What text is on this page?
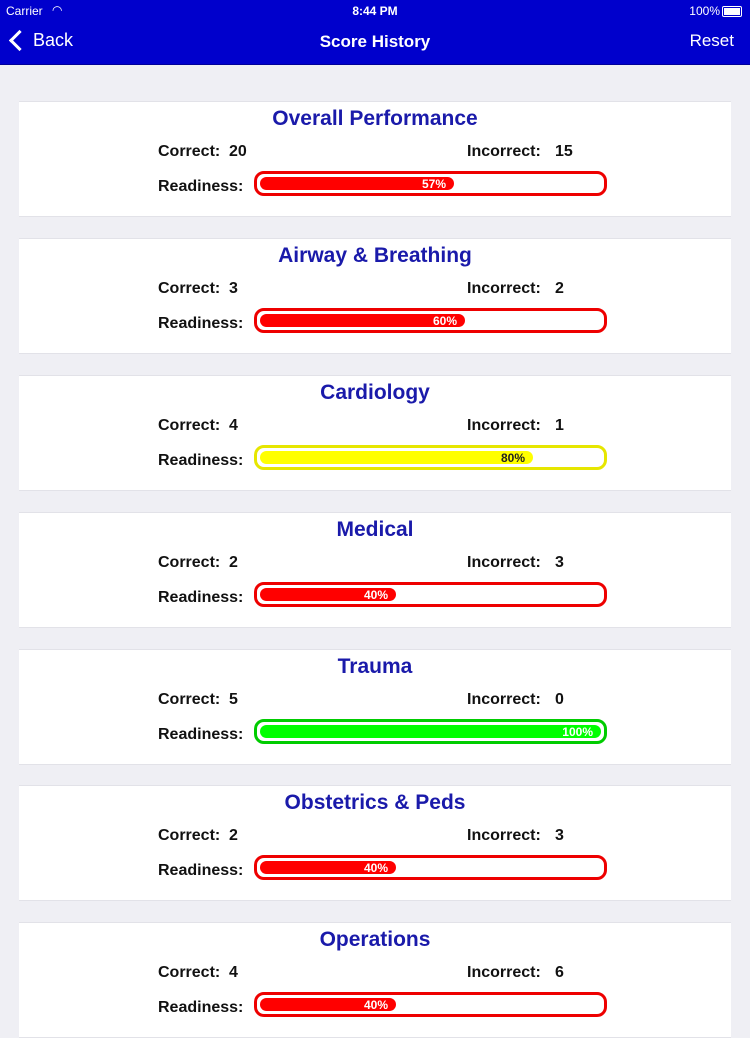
Carrier ◠	8:44 PM	100%
Back	Score History	Reset
Overall Performance
Correct: 20	Incorrect: 15
Readiness:	57%
Airway & Breathing
Correct: 3	Incorrect: 2
Readiness:	60%
Cardiology
Correct: 4	Incorrect: 1
Readiness:	80%
Medical
Correct: 2	Incorrect: 3
Readiness:	40%
Trauma
Correct: 5	Incorrect: 0
Readiness:	100%
Obstetrics & Peds
Correct: 2	Incorrect: 3
Readiness:	40%
Operations
Correct: 4	Incorrect: 6
Readiness:	40%
